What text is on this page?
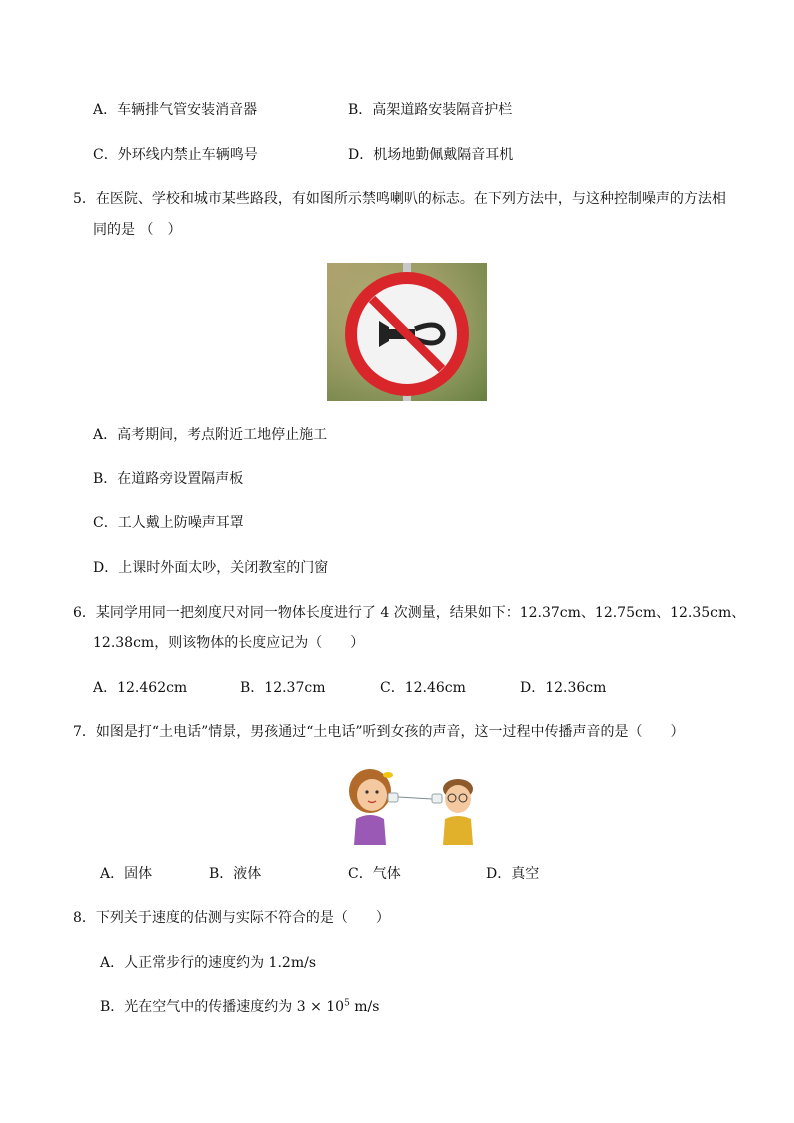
A．车辆排气管安装消音器	B．高架道路安装隔音护栏
C．外环线内禁止车辆鸣号	D．机场地勤佩戴隔音耳机
5．在医院、学校和城市某些路段，有如图所示禁鸣喇叭的标志。在下列方法中，与这种控制噪声的方法相
同的是 （　）
A．高考期间，考点附近工地停止施工
B．在道路旁设置隔声板
C．工人戴上防噪声耳罩
D．上课时外面太吵，关闭教室的门窗
6．某同学用同一把刻度尺对同一物体长度进行了 4 次测量，结果如下：12.37cm、12.75cm、12.35cm、
12.38cm，则该物体的长度应记为（　　）
A．12.462cm	B．12.37cm	C．12.46cm	D．12.36cm
7．如图是打“土电话”情景，男孩通过“土电话”听到女孩的声音，这一过程中传播声音的是（　　）
A．固体	B．液体	C．气体	D．真空
8．下列关于速度的估测与实际不符合的是（　　）
A．人正常步行的速度约为 1.2m/s
B．光在空气中的传播速度约为 $3 \times 10^5$ m/s
